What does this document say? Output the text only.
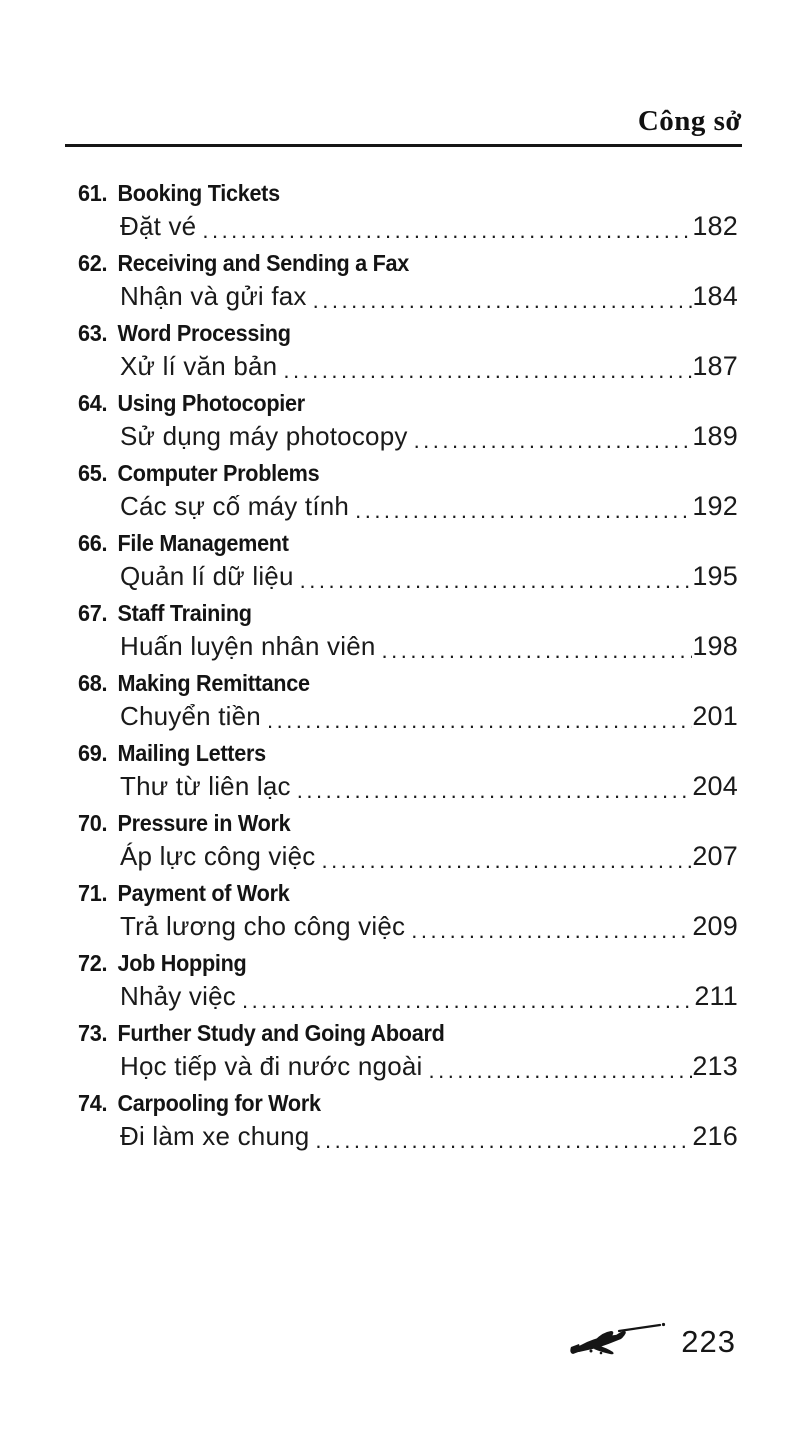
Công sở
61. Booking Tickets
Đặt vé .....	182
62. Receiving and Sending a Fax
Nhận và gửi fax .....	184
63. Word Processing
Xử lí văn bản .....	187
64. Using Photocopier
Sử dụng máy photocopy .....	189
65. Computer Problems
Các sự cố máy tính .....	192
66. File Management
Quản lí dữ liệu .....	195
67. Staff Training
Huấn luyện nhân viên .....	198
68. Making Remittance
Chuyển tiền .....	201
69. Mailing Letters
Thư từ liên lạc .....	204
70. Pressure in Work
Áp lực công việc .....	207
71. Payment of Work
Trả lương cho công việc .....	209
72. Job Hopping
Nhảy việc .....	211
73. Further Study and Going Aboard
Học tiếp và đi nước ngoài .....	213
74. Carpooling for Work
Đi làm xe chung .....	216
223
